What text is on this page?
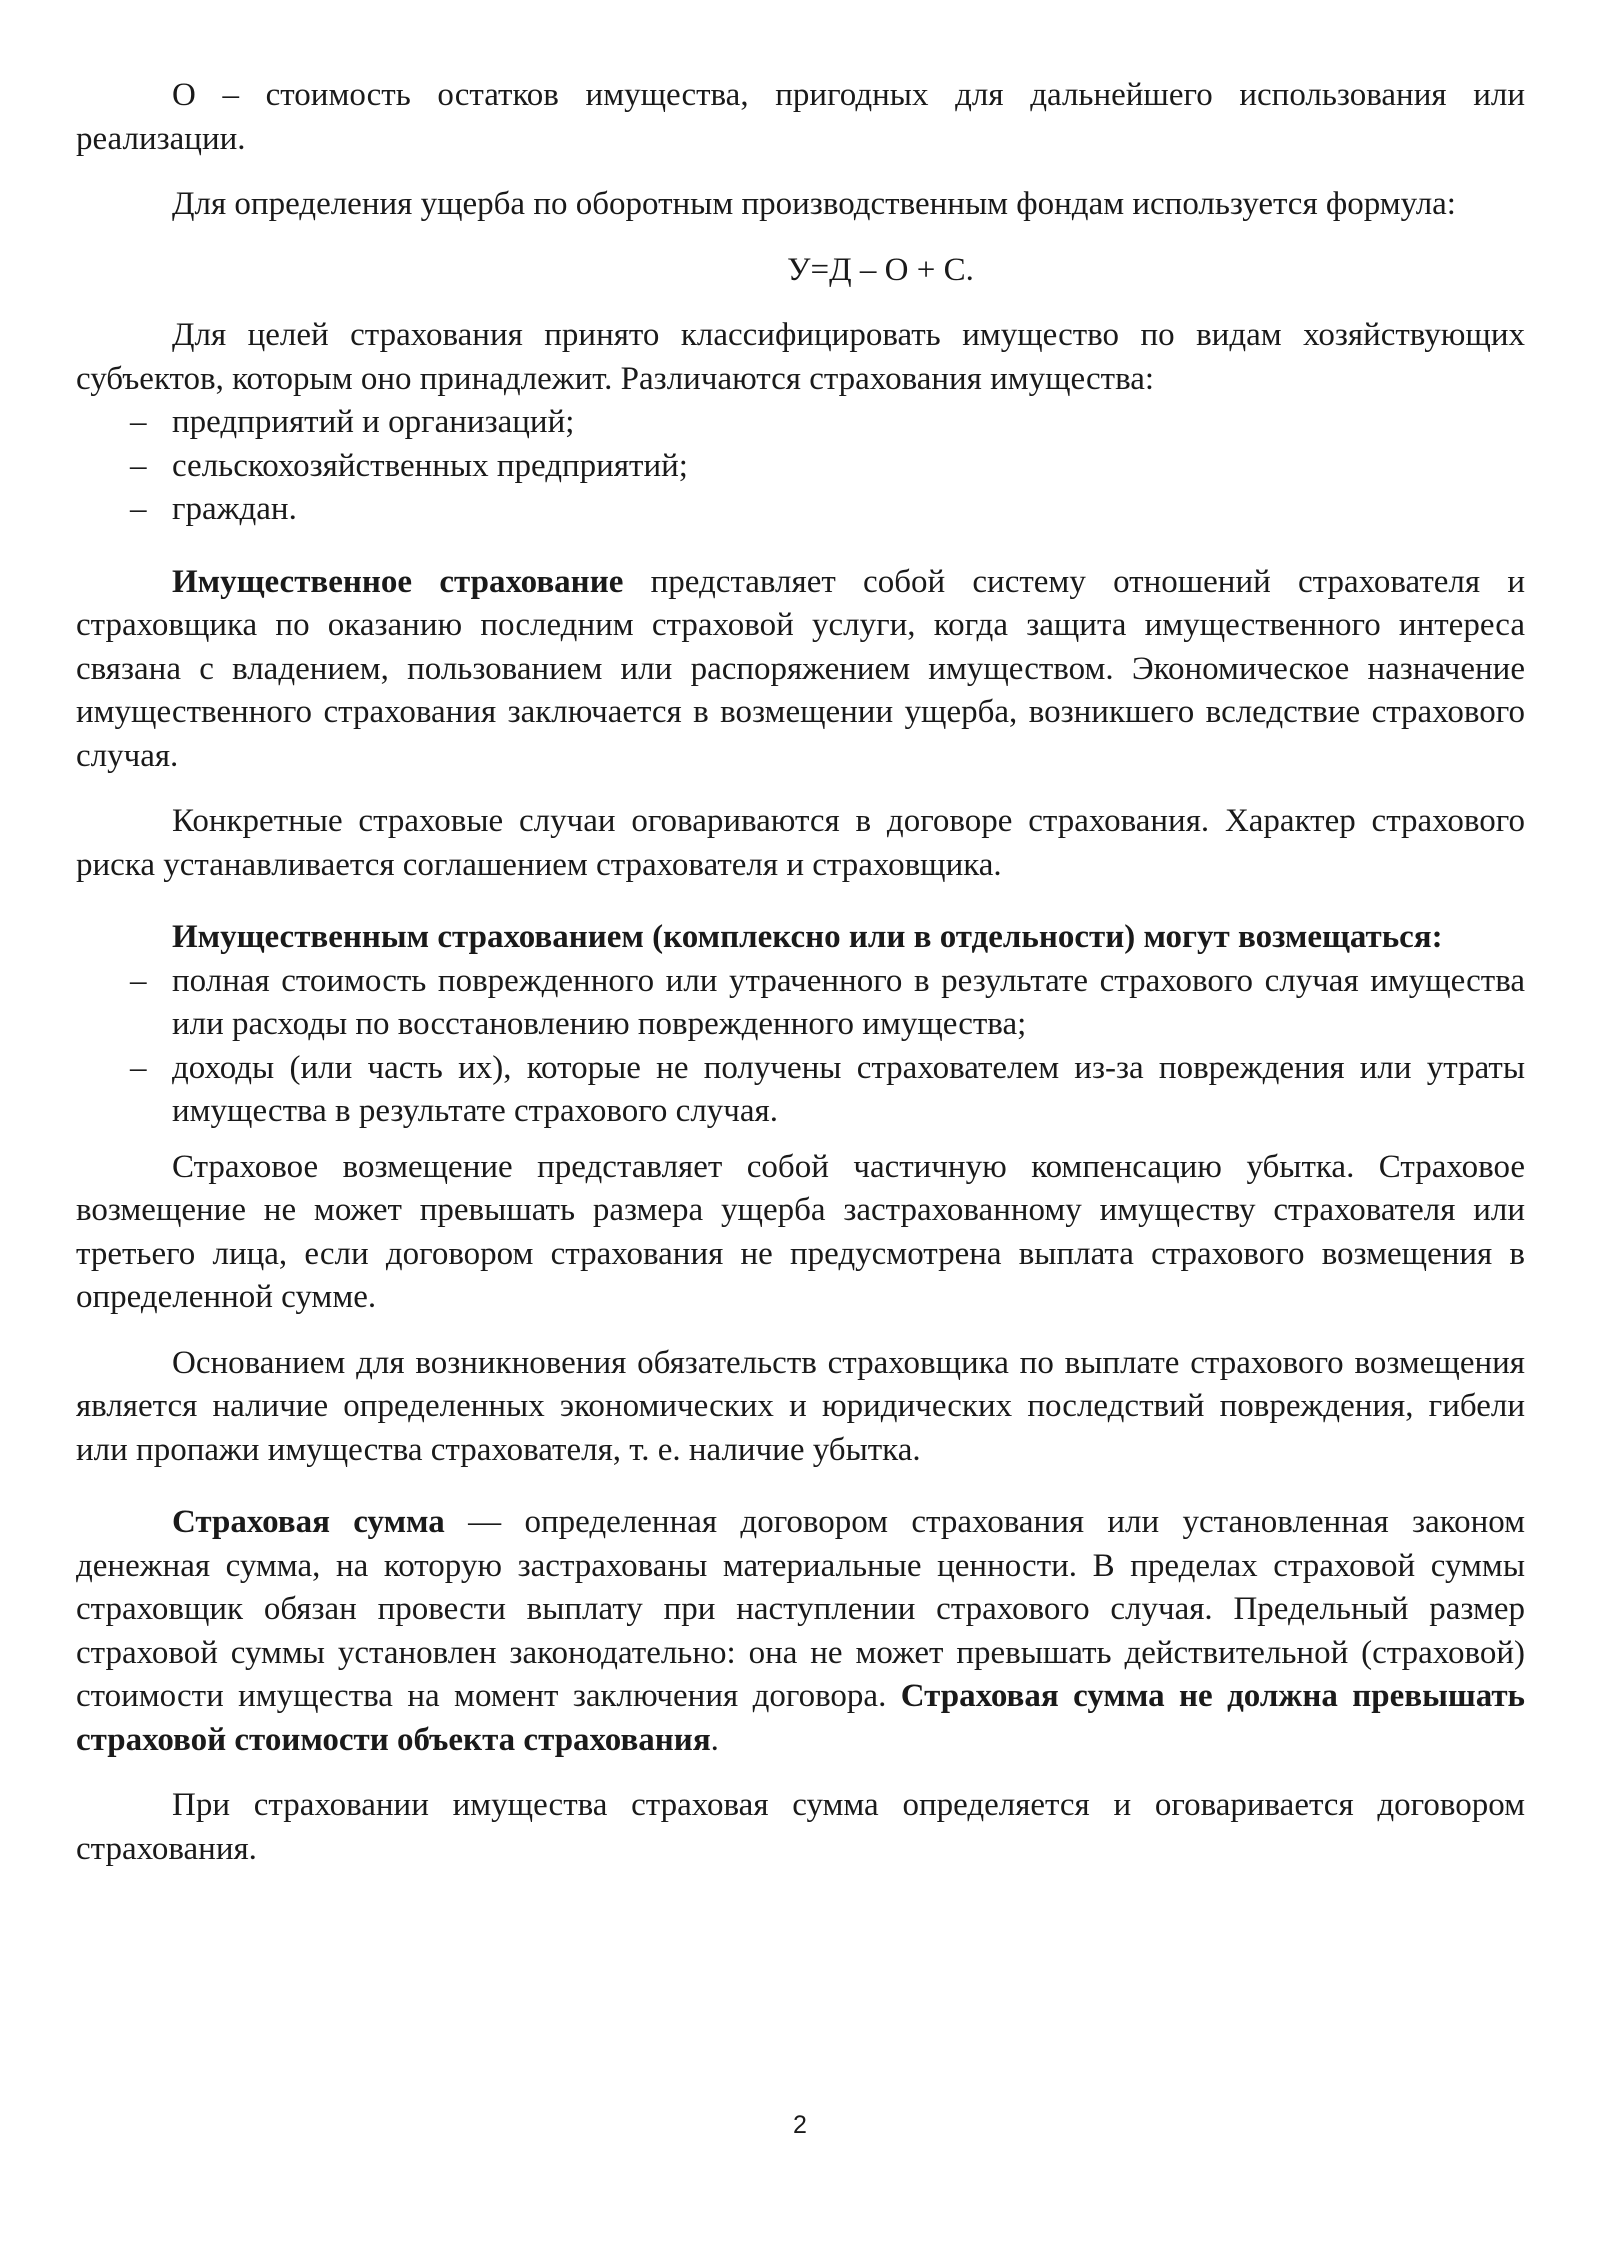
О – стоимость остатков имущества, пригодных для дальнейшего использования или реализации.

Для определения ущерба по оборотным производственным фондам используется формула:

У=Д – О + С.

Для целей страхования принято классифицировать имущество по видам хозяйствующих субъектов, которым оно принадлежит. Различаются страхования имущества:

– предприятий и организаций;
– сельскохозяйственных предприятий;
– граждан.

Имущественное страхование представляет собой систему отношений страхователя и страховщика по оказанию последним страховой услуги, когда защита имущественного интереса связана с владением, пользованием или распоряжением имуществом. Экономическое назначение имущественного страхования заключается в возмещении ущерба, возникшего вследствие страхового случая.

Конкретные страховые случаи оговариваются в договоре страхования. Характер страхового риска устанавливается соглашением страхователя и страховщика.

Имущественным страхованием (комплексно или в отдельности) могут возмещаться:

– полная стоимость поврежденного или утраченного в результате страхового случая имущества или расходы по восстановлению поврежденного имущества;
– доходы (или часть их), которые не получены страхователем из-за повреждения или утраты имущества в результате страхового случая.

Страховое возмещение представляет собой частичную компенсацию убытка. Страховое возмещение не может превышать размера ущерба застрахованному имуществу страхователя или третьего лица, если договором страхования не предусмотрена выплата страхового возмещения в определенной сумме.

Основанием для возникновения обязательств страховщика по выплате страхового возмещения является наличие определенных экономических и юридических последствий повреждения, гибели или пропажи имущества страхователя, т. е. наличие убытка.

Страховая сумма — определенная договором страхования или установленная законом денежная сумма, на которую застрахованы материальные ценности. В пределах страховой суммы страховщик обязан провести выплату при наступлении страхового случая. Предельный размер страховой суммы установлен законодательно: она не может превышать действительной (страховой) стоимости имущества на момент заключения договора. Страховая сумма не должна превышать страховой стоимости объекта страхования.

При страховании имущества страховая сумма определяется и оговаривается договором страхования.

2
